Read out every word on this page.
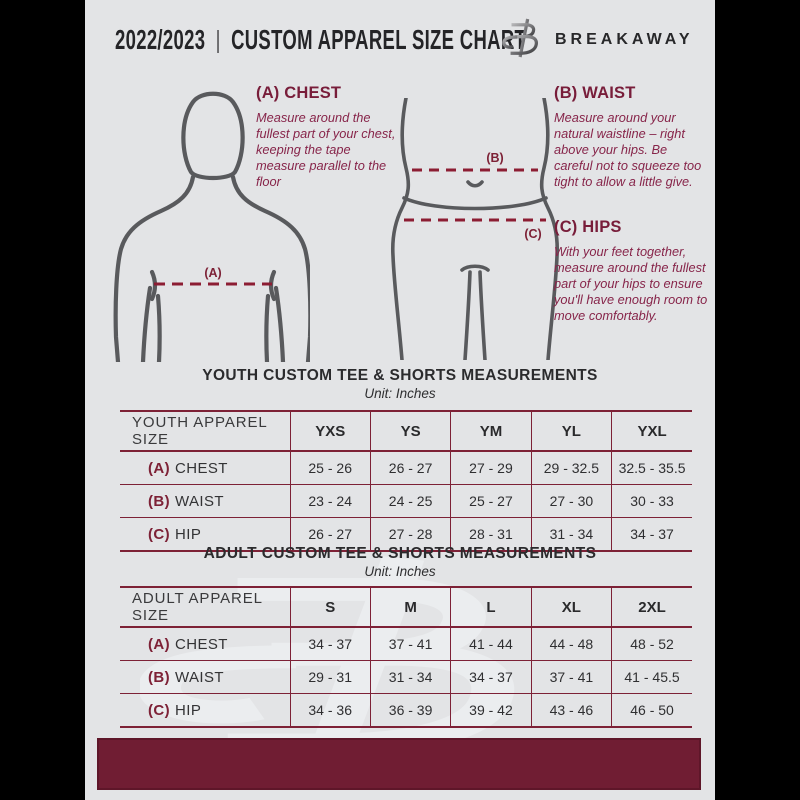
2022/2023 | CUSTOM APPAREL SIZE CHART BREAKAWAY
(A)
(B)
(C)
(A) CHEST

Measure around the fullest part of your chest, keeping the tape measure parallel to the floor

(B) WAIST

Measure around your natural waistline – right above your hips. Be careful not to squeeze too tight to allow a little give.

(C) HIPS

With your feet together, measure around the fullest part of your hips to ensure you'll have enough room to move comfortably.

YOUTH CUSTOM TEE & SHORTS MEASUREMENTS
Unit: Inches
YOUTH APPAREL SIZE	YXS	YS	YM	YL	YXL
(A) CHEST	25 - 26	26 - 27	27 - 29	29 - 32.5	32.5 - 35.5
(B) WAIST	23 - 24	24 - 25	25 - 27	27 - 30	30 - 33
(C) HIP	26 - 27	27 - 28	28 - 31	31 - 34	34 - 37
ADULT CUSTOM TEE & SHORTS MEASUREMENTS
Unit: Inches
ADULT APPAREL SIZE	S	M	L	XL	2XL
(A) CHEST	34 - 37	37 - 41	41 - 44	44 - 48	48 - 52
(B) WAIST	29 - 31	31 - 34	34 - 37	37 - 41	41 - 45.5
(C) HIP	34 - 36	36 - 39	39 - 42	43 - 46	46 - 50
